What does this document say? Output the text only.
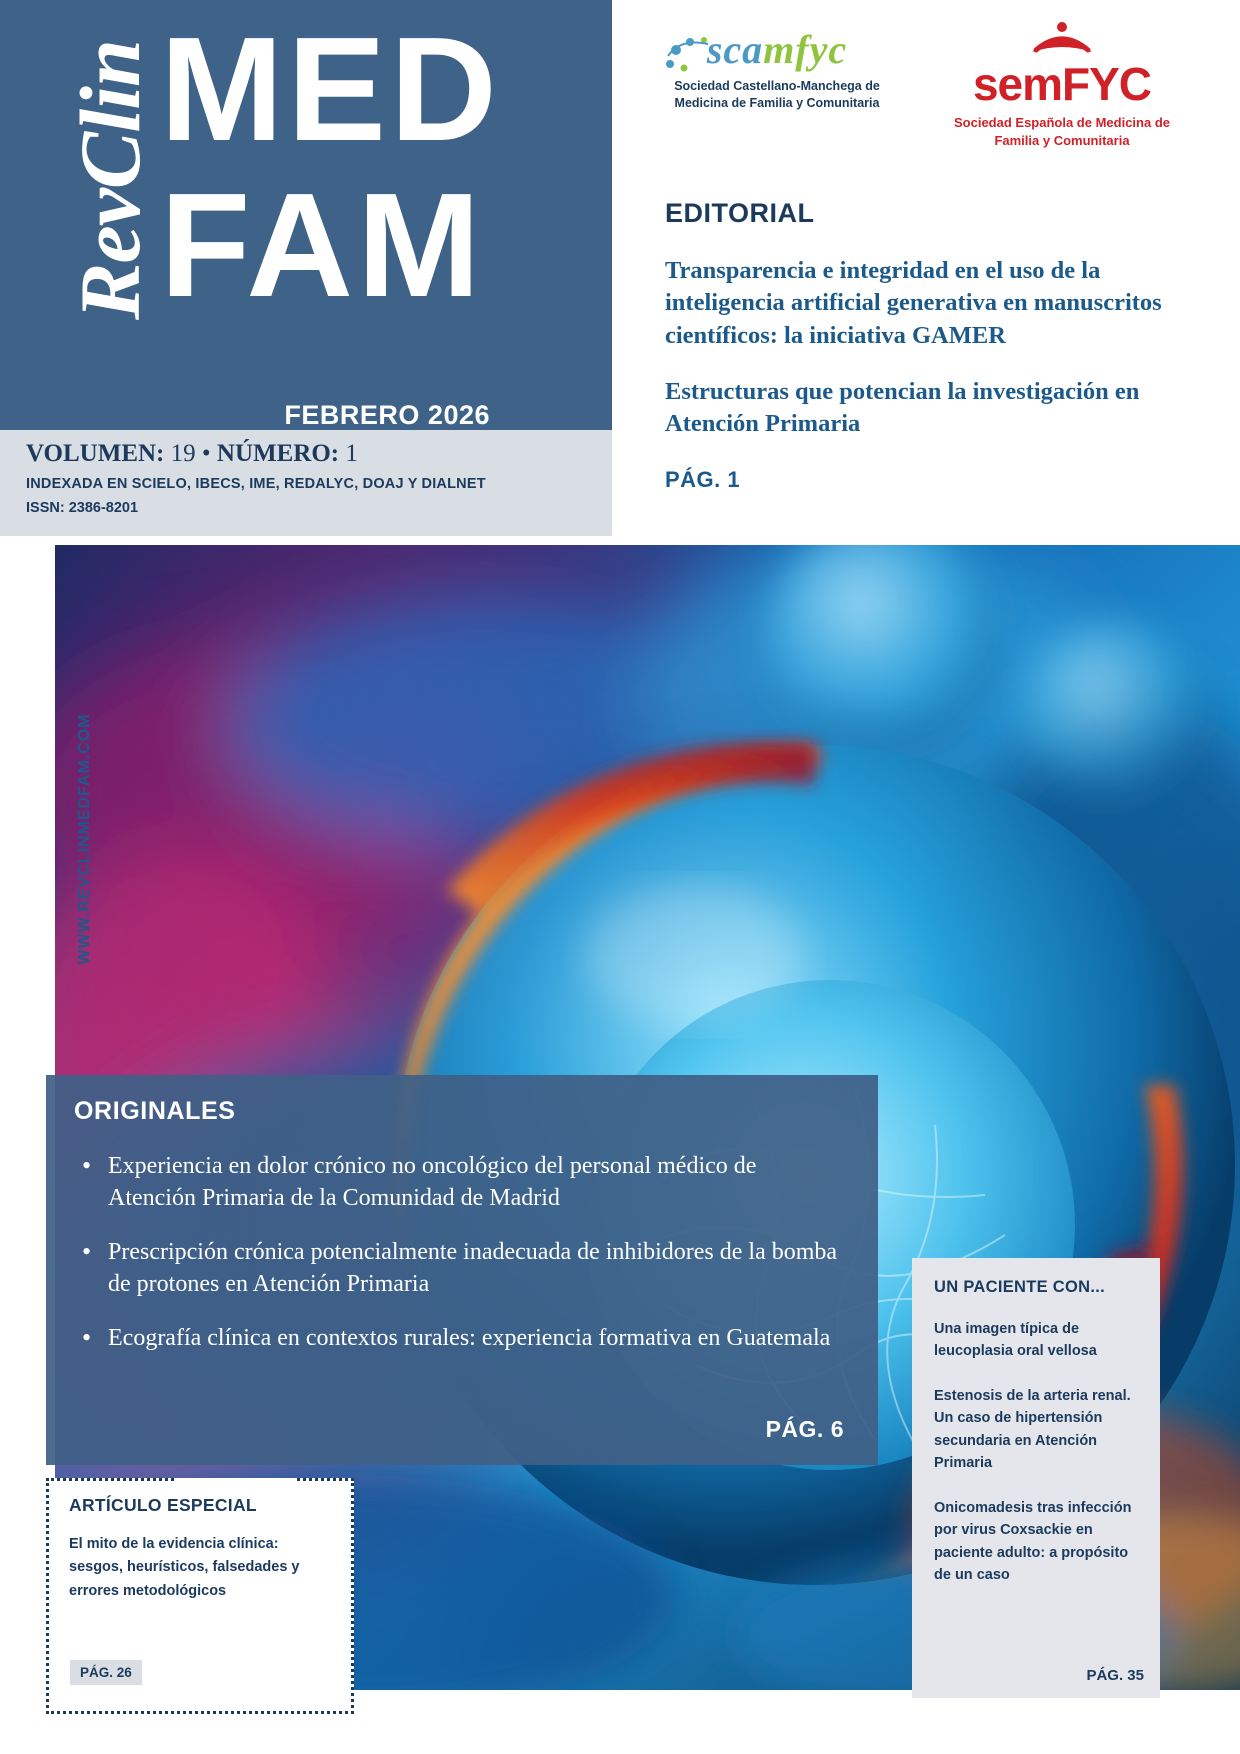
RevClin MED
FAM
FEBRERO 2026
VOLUMEN: 19 • NÚMERO: 1
INDEXADA EN SCIELO, IBECS, IME, REDALYC, DOAJ Y DIALNET
ISSN: 2386-8201
scamfyc
Sociedad Castellano-Manchega de Medicina de Familia y Comunitaria	semFYC
Sociedad Española de Medicina de Familia y Comunitaria
EDITORIAL
Transparencia e integridad en el uso de la inteligencia artificial generativa en manuscritos científicos: la iniciativa GAMER
Estructuras que potencian la investigación en Atención Primaria
PÁG. 1
WWW.REVCLINMEDFAM.COM
ORIGINALES
• Experiencia en dolor crónico no oncológico del personal médico de Atención Primaria de la Comunidad de Madrid
• Prescripción crónica potencialmente inadecuada de inhibidores de la bomba de protones en Atención Primaria
• Ecografía clínica en contextos rurales: experiencia formativa en Guatemala
PÁG. 6
UN PACIENTE CON...
Una imagen típica de leucoplasia oral vellosa
Estenosis de la arteria renal. Un caso de hipertensión secundaria en Atención Primaria
Onicomadesis tras infección por virus Coxsackie en paciente adulto: a propósito de un caso
PÁG. 35
ARTÍCULO ESPECIAL
El mito de la evidencia clínica: sesgos, heurísticos, falsedades y errores metodológicos
PÁG. 26
